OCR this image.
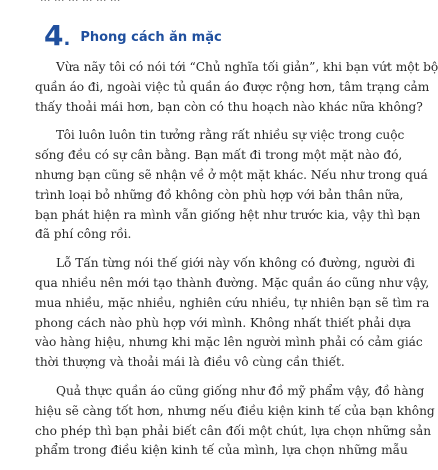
4 . Phong cách ăn mặc
Vừa nãy tôi có nói tới “Chủ nghĩa tối giản”, khi bạn vứt một bộ
quần áo đi, ngoài việc tủ quần áo được rộng hơn, tâm trạng cảm
thấy thoải mái hơn, bạn còn có thu hoạch nào khác nữa không?
Tôi luôn luôn tin tưởng rằng rất nhiều sự việc trong cuộc
sống đều có sự cân bằng. Bạn mất đi trong một mặt nào đó,
nhưng bạn cũng sẽ nhận về ở một mặt khác. Nếu như trong quá
trình loại bỏ những đồ không còn phù hợp với bản thân nữa,
bạn phát hiện ra mình vẫn giống hệt như trước kia, vậy thì bạn
đã phí công rồi.
Lỗ Tấn từng nói thế giới này vốn không có đường, người đi
qua nhiều nên mới tạo thành đường. Mặc quần áo cũng như vậy,
mua nhiều, mặc nhiều, nghiên cứu nhiều, tự nhiên bạn sẽ tìm ra
phong cách nào phù hợp với mình. Không nhất thiết phải dựa
vào hàng hiệu, nhưng khi mặc lên người mình phải có cảm giác
thời thượng và thoải mái là điều vô cùng cần thiết.
Quả thực quần áo cũng giống như đồ mỹ phẩm vậy, đồ hàng
hiệu sẽ càng tốt hơn, nhưng nếu điều kiện kinh tế của bạn không
cho phép thì bạn phải biết cân đối một chút, lựa chọn những sản
phẩm trong điều kiện kinh tế của mình, lựa chọn những mẫu
